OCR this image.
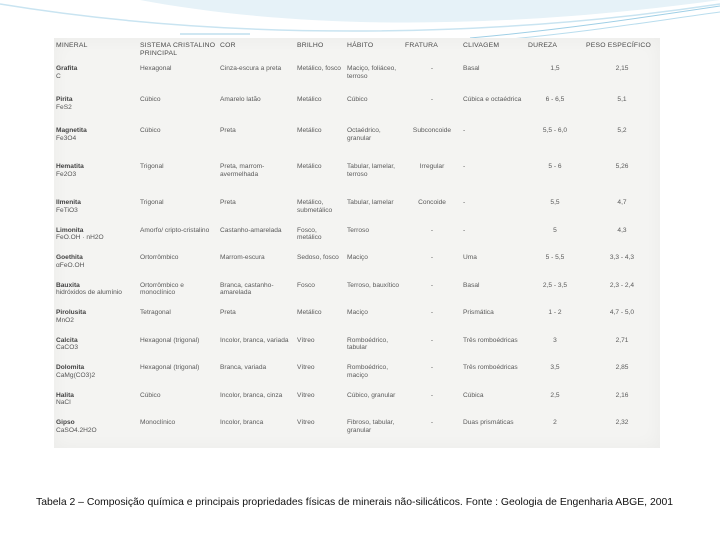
MINERAL	SISTEMA CRISTALINO PRINCIPAL	COR	BRILHO	HÁBITO	FRATURA	CLIVAGEM	DUREZA	PESO ESPECÍFICO

Grafita
C	Hexagonal	Cinza-escura a preta	Metálico, fosco	Maciço, foliáceo, terroso	-	Basal	1,5	2,15

Pirita
FeS2	Cúbico	Amarelo latão	Metálico	Cúbico	-	Cúbica e octaédrica	6 - 6,5	5,1

Magnetita
Fe3O4	Cúbico	Preta	Metálico	Octaédrico, granular	Subconcoide	-	5,5 - 6,0	5,2

Hematita
Fe2O3	Trigonal	Preta, marrom-avermelhada	Metálico	Tabular, lamelar, terroso	Irregular	-	5 - 6	5,26

Ilmenita
FeTiO3	Trigonal	Preta	Metálico, submetálico	Tabular, lamelar	Concoide	-	5,5	4,7

Limonita
FeO.OH · nH2O	Amorfo/ cripto-cristalino	Castanho-amarelada	Fosco, metálico	Terroso	-	-	5	4,3

Goethita
αFeO.OH	Ortorrômbico	Marrom-escura	Sedoso, fosco	Maciço	-	Uma	5 - 5,5	3,3 - 4,3

Bauxita
hidróxidos de alumínio	Ortorrômbico e monoclínico	Branca, castanho-amarelada	Fosco	Terroso, bauxítico	-	Basal	2,5 - 3,5	2,3 - 2,4

Pirolusita
MnO2	Tetragonal	Preta	Metálico	Maciço	-	Prismática	1 - 2	4,7 - 5,0

Calcita
CaCO3	Hexagonal (trigonal)	Incolor, branca, variada	Vítreo	Romboédrico, tabular	-	Três romboédricas	3	2,71

Dolomita
CaMg(CO3)2	Hexagonal (trigonal)	Branca, variada	Vítreo	Romboédrico, maciço	-	Três romboédricas	3,5	2,85

Halita
NaCl	Cúbico	Incolor, branca, cinza	Vítreo	Cúbico, granular	-	Cúbica	2,5	2,16

Gipso
CaSO4.2H2O	Monoclínico	Incolor, branca	Vítreo	Fibroso, tabular, granular	-	Duas prismáticas	2	2,32
Tabela 2 – Composição química e principais propriedades físicas de minerais não-silicáticos. Fonte : Geologia de Engenharia ABGE, 2001
